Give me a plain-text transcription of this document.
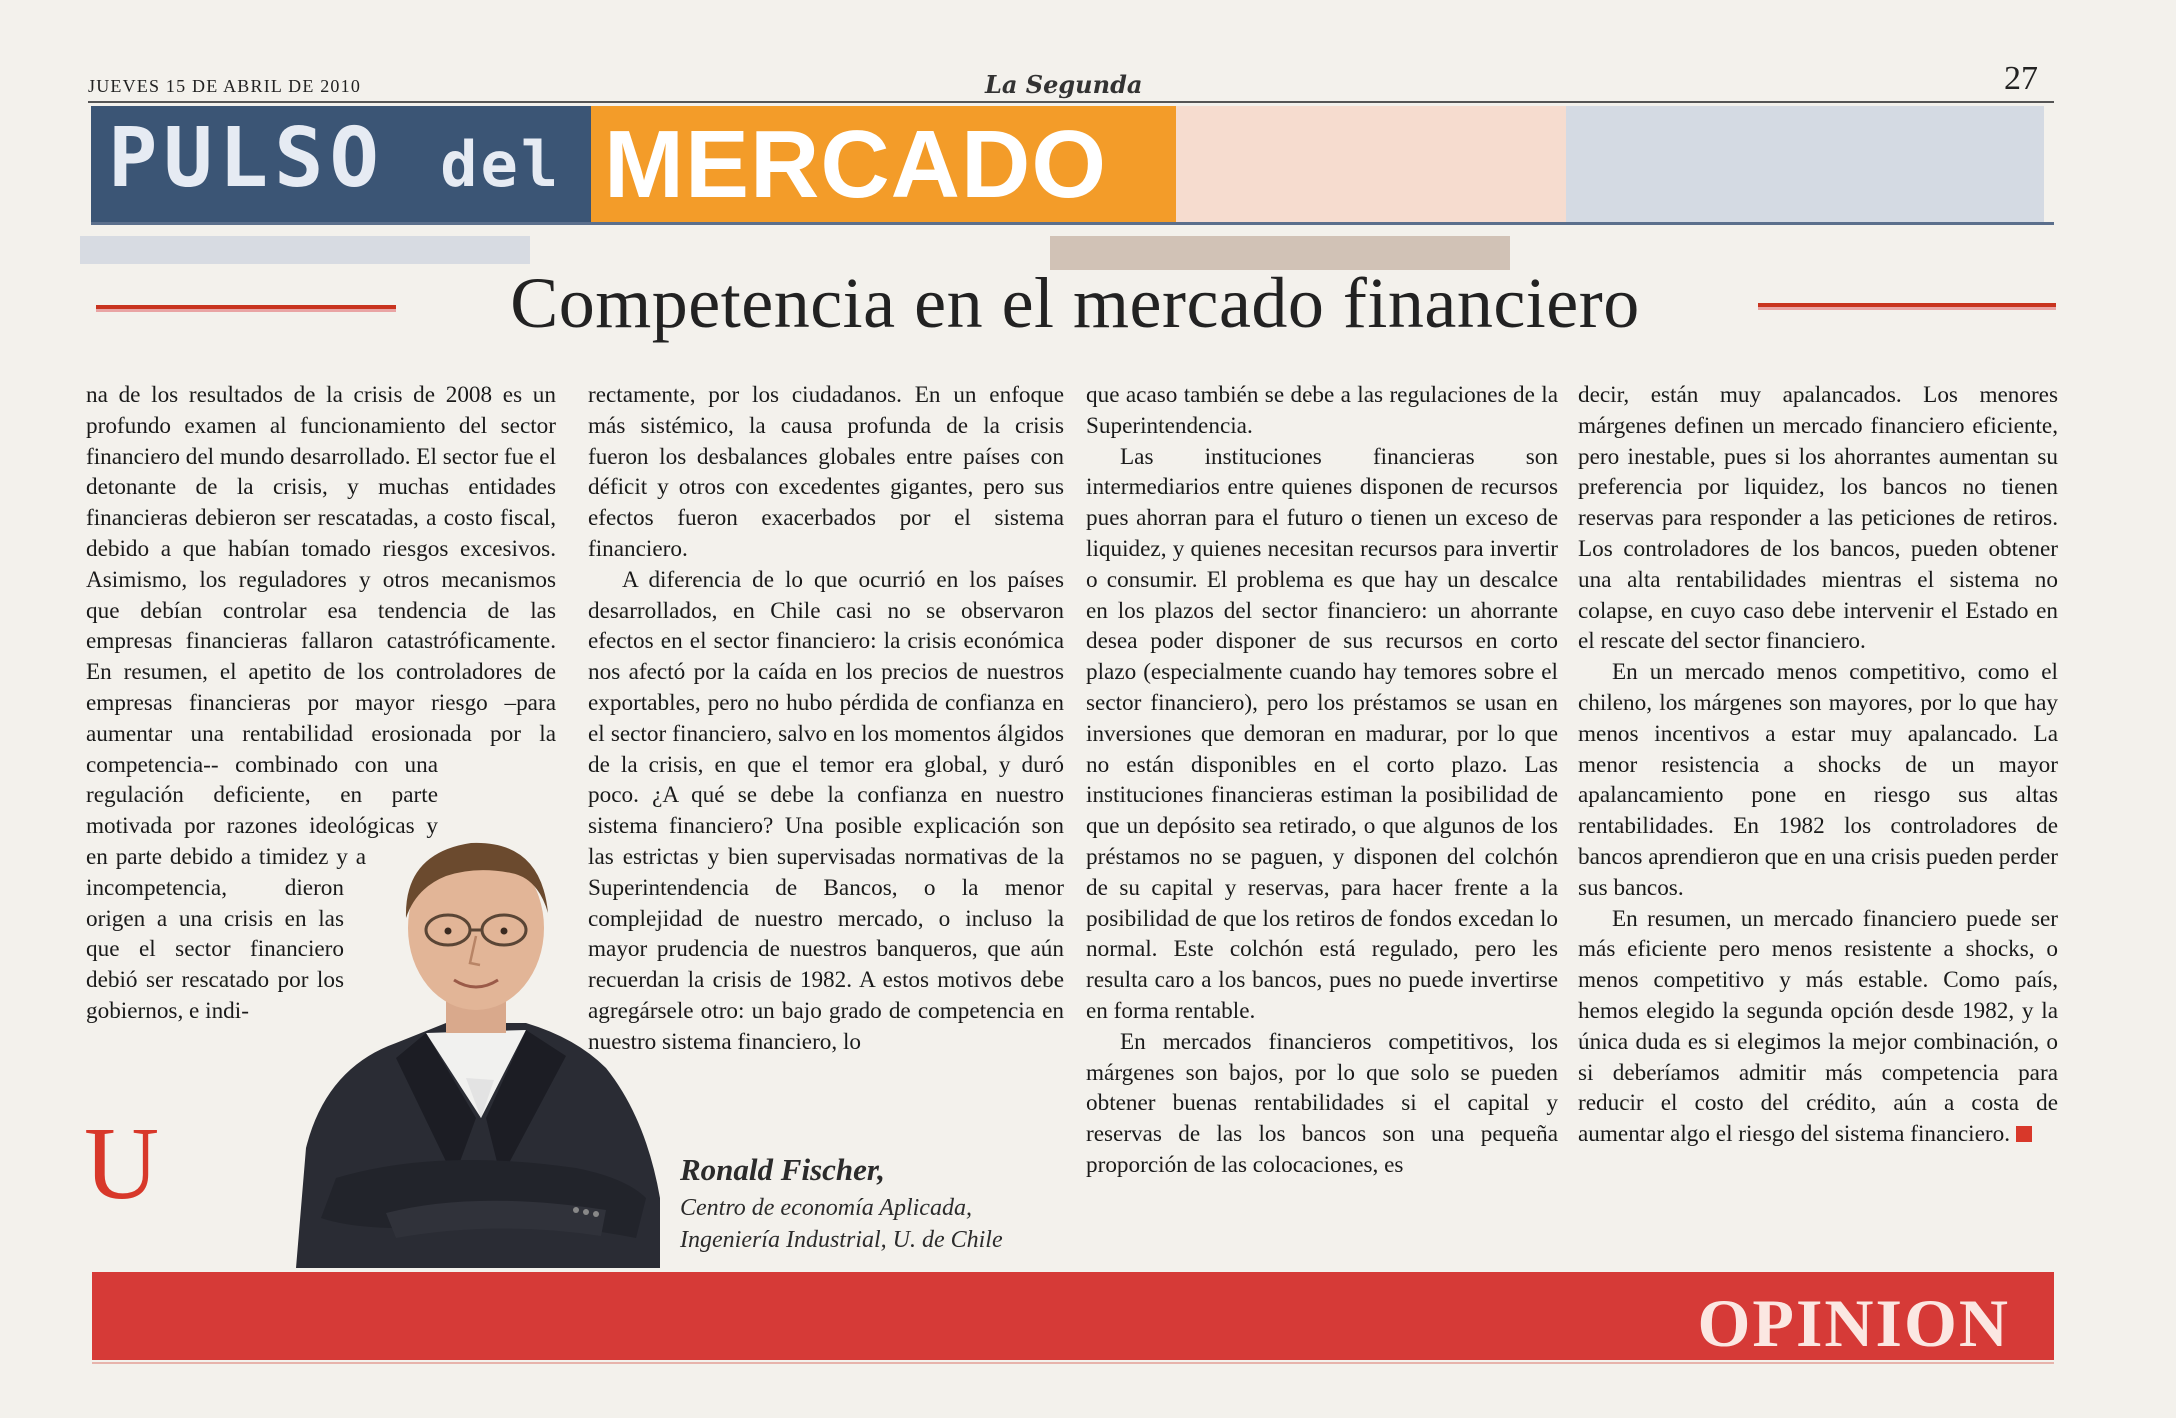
JUEVES 15 DE ABRIL DE 2010	La Segunda	27
PULSO del MERCADO
Competencia en el mercado financiero

U
na de los resultados de la crisis de 2008 es un profundo examen al funcionamiento del sector financiero del mundo desarrollado. El sector fue el detonante de la crisis, y muchas entidades financieras debieron ser rescatadas, a costo fiscal, debido a que habían tomado riesgos excesivos. Asimismo, los reguladores y otros mecanismos que debían controlar esa tendencia de las empresas financieras fallaron catastróficamente. En resumen, el apetito de los controladores de empresas financieras por mayor riesgo –para aumentar una rentabilidad erosionada por la competencia-- combinado con una regulación deficiente, en parte motivada por razones ideológicas y en parte debido a timidez y a incompetencia, dieron origen a una crisis en las que el sector financiero debió ser rescatado por los gobiernos, e indi-

rectamente, por los ciudadanos. En un enfoque más sistémico, la causa profunda de la crisis fueron los desbalances globales entre países con déficit y otros con excedentes gigantes, pero sus efectos fueron exacerbados por el sistema financiero.

A diferencia de lo que ocurrió en los países desarrollados, en Chile casi no se observaron efectos en el sector financiero: la crisis económica nos afectó por la caída en los precios de nuestros exportables, pero no hubo pérdida de confianza en el sector financiero, salvo en los momentos álgidos de la crisis, en que el temor era global, y duró poco. ¿A qué se debe la confianza en nuestro sistema financiero? Una posible explicación son las estrictas y bien supervisadas normativas de la Superintendencia de Bancos, o la menor complejidad de nuestro mercado, o incluso la mayor prudencia de nuestros banqueros, que aún recuerdan la crisis de 1982. A estos motivos debe agregársele otro: un bajo grado de competencia en nuestro sistema financiero, lo

Ronald Fischer,
Centro de economía Aplicada,
Ingeniería Industrial, U. de Chile

que acaso también se debe a las regulaciones de la Superintendencia.

Las instituciones financieras son intermediarios entre quienes disponen de recursos pues ahorran para el futuro o tienen un exceso de liquidez, y quienes necesitan recursos para invertir o consumir. El problema es que hay un descalce en los plazos del sector financiero: un ahorrante desea poder disponer de sus recursos en corto plazo (especialmente cuando hay temores sobre el sector financiero), pero los préstamos se usan en inversiones que demoran en madurar, por lo que no están disponibles en el corto plazo. Las instituciones financieras estiman la posibilidad de que un depósito sea retirado, o que algunos de los préstamos no se paguen, y disponen del colchón de su capital y reservas, para hacer frente a la posibilidad de que los retiros de fondos excedan lo normal. Este colchón está regulado, pero les resulta caro a los bancos, pues no puede invertirse en forma rentable.

En mercados financieros competitivos, los márgenes son bajos, por lo que solo se pueden obtener buenas rentabilidades si el capital y reservas de las los bancos son una pequeña proporción de las colocaciones, es

decir, están muy apalancados. Los menores márgenes definen un mercado financiero eficiente, pero inestable, pues si los ahorrantes aumentan su preferencia por liquidez, los bancos no tienen reservas para responder a las peticiones de retiros. Los controladores de los bancos, pueden obtener una alta rentabilidades mientras el sistema no colapse, en cuyo caso debe intervenir el Estado en el rescate del sector financiero.

En un mercado menos competitivo, como el chileno, los márgenes son mayores, por lo que hay menos incentivos a estar muy apalancado. La menor resistencia a shocks de un mayor apalancamiento pone en riesgo sus altas rentabilidades. En 1982 los controladores de bancos aprendieron que en una crisis pueden perder sus bancos.

En resumen, un mercado financiero puede ser más eficiente pero menos resistente a shocks, o menos competitivo y más estable. Como país, hemos elegido la segunda opción desde 1982, y la única duda es si elegimos la mejor combinación, o si deberíamos admitir más competencia para reducir el costo del crédito, aún a costa de aumentar algo el riesgo del sistema financiero.

OPINION
